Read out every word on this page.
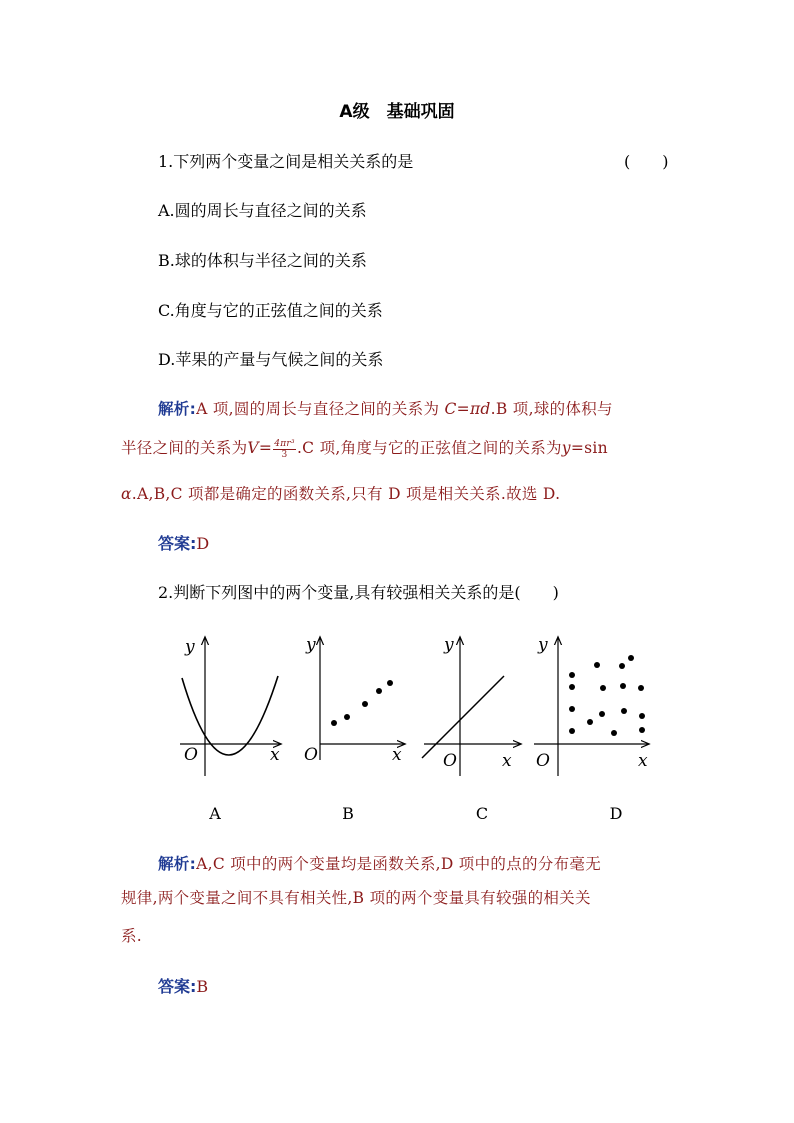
A级　基础巩固
1.下列两个变量之间是相关关系的是	(　　)
A.圆的周长与直径之间的关系
B.球的体积与半径之间的关系
C.角度与它的正弦值之间的关系
D.苹果的产量与气候之间的关系
解析:A 项,圆的周长与直径之间的关系为 C=πd.B 项,球的体积与
半径之间的关系为$V= \frac{\text{4πr³}}{3} .C$ 项,角度与它的正弦值之间的关系为y=sin
α.A,B,C 项都是确定的函数关系,只有 D 项是相关关系.故选 D.
答案:D
2.判断下列图中的两个变量,具有较强相关关系的是(　　)
y
O	x
y
O	x
y
O	x
y
O	x
A	B	C	D
解析:A,C 项中的两个变量均是函数关系,D 项中的点的分布毫无
规律,两个变量之间不具有相关性,B 项的两个变量具有较强的相关关
系.
答案:B
